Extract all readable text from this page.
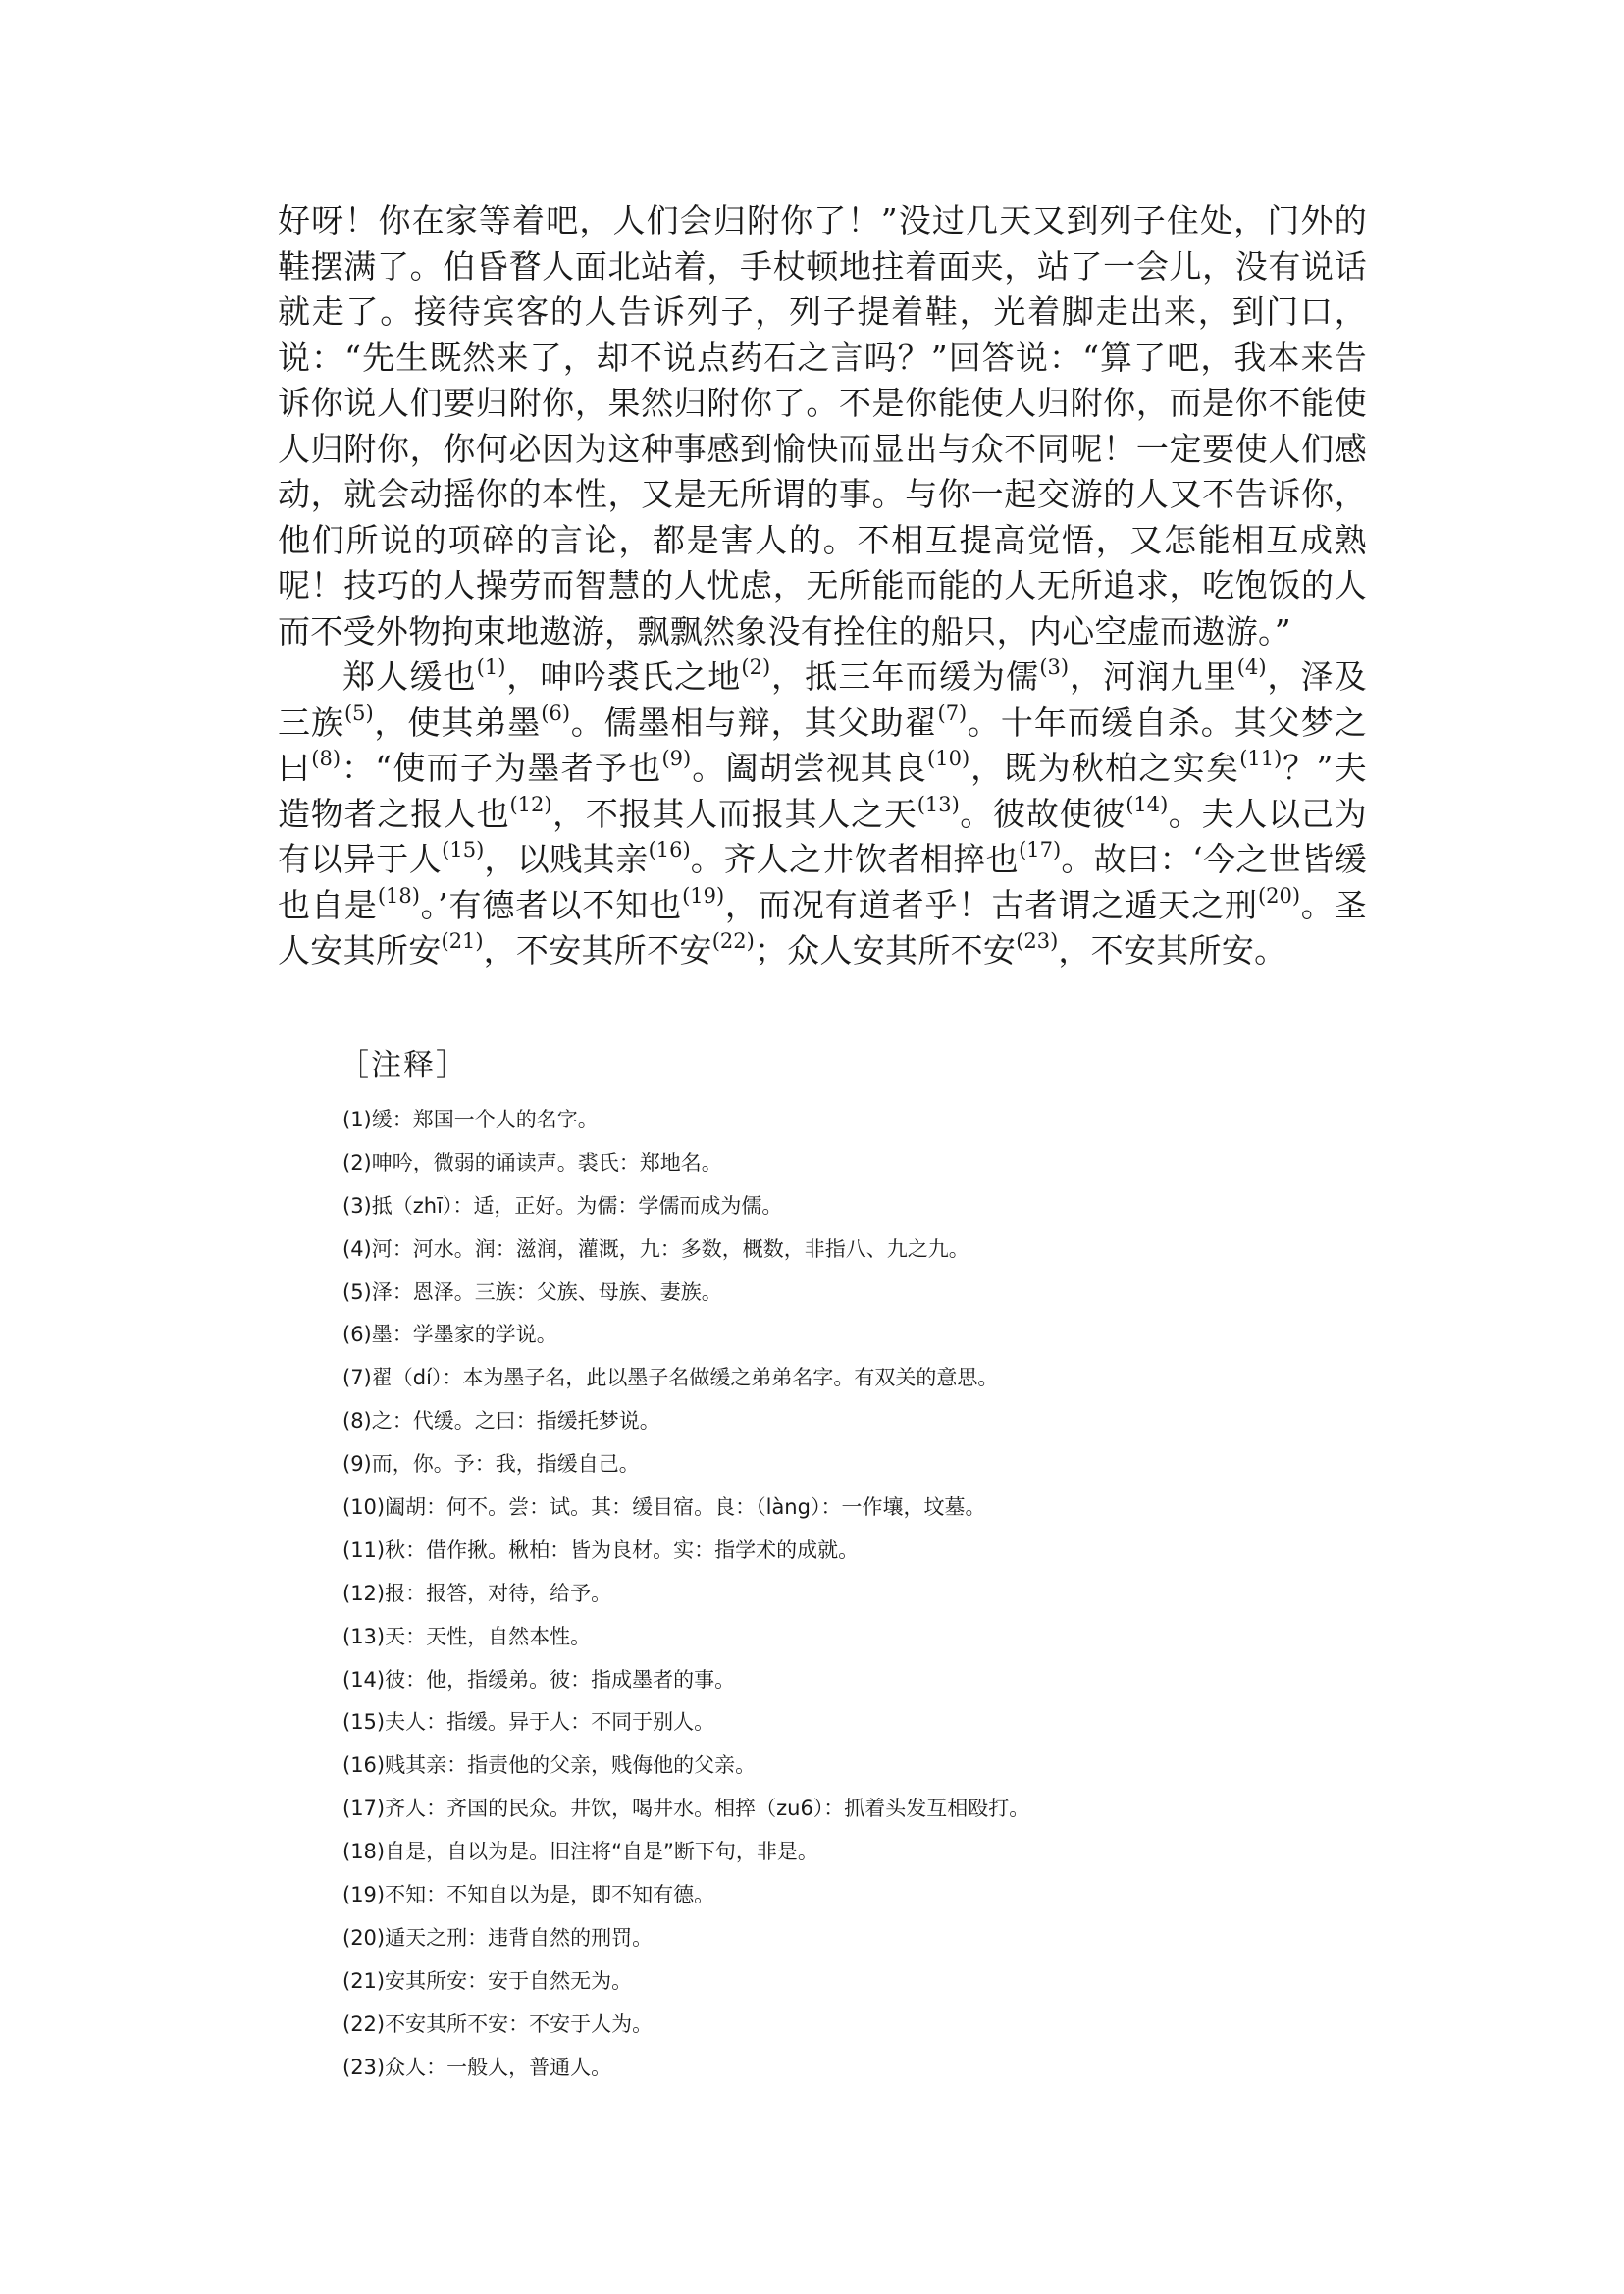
好呀！你在家等着吧，人们会归附你了！”没过几天又到列子住处，门外的鞋摆满了。伯昏瞀人面北站着，手杖顿地拄着面夹，站了一会儿，没有说话就走了。接待宾客的人告诉列子，列子提着鞋，光着脚走出来，到门口，说：“先生既然来了，却不说点药石之言吗？”回答说：“算了吧，我本来告诉你说人们要归附你，果然归附你了。不是你能使人归附你，而是你不能使人归附你，你何必因为这种事感到愉快而显出与众不同呢！一定要使人们感动，就会动摇你的本性，又是无所谓的事。与你一起交游的人又不告诉你，他们所说的项碎的言论，都是害人的。不相互提高觉悟，又怎能相互成熟呢！技巧的人操劳而智慧的人忧虑，无所能而能的人无所追求，吃饱饭的人而不受外物拘束地遨游，飘飘然象没有拴住的船只，内心空虚而遨游。”

郑人缓也$^{(1)}$，呻吟裘氏之地$^{(2)}$，抵三年而缓为儒$^{(3)}$，河润九里$^{(4)}$，泽及三族$^{(5)}$，使其弟墨$^{(6)}$。儒墨相与辩，其父助翟$^{(7)}$。十年而缓自杀。其父梦之曰$^{(8)}$：“使而子为墨者予也$^{(9)}$。阖胡尝视其良$^{(10)}$，既为秋柏之实矣$^{(11)}$？”夫造物者之报人也$^{(12)}$，不报其人而报其人之天$^{(13)}$。彼故使彼$^{(14)}$。夫人以己为有以异于人$^{(15)}$，以贱其亲$^{(16)}$。齐人之井饮者相捽也$^{(17)}$。故曰：‘今之世皆缓也自是$^{(18)}$。’有德者以不知也$^{(19)}$，而况有道者乎！古者谓之遁天之刑$^{(20)}$。圣人安其所安$^{(21)}$，不安其所不安$^{(22)}$；众人安其所不安$^{(23)}$，不安其所安。

［注释］
(1)缓：郑国一个人的名字。
(2)呻吟，微弱的诵读声。裘氏：郑地名。
(3)抵（zhī）：适，正好。为儒：学儒而成为儒。
(4)河：河水。润：滋润，灌溉，九：多数，概数，非指八、九之九。
(5)泽：恩泽。三族：父族、母族、妻族。
(6)墨：学墨家的学说。
(7)翟（dí）：本为墨子名，此以墨子名做缓之弟弟名字。有双关的意思。
(8)之：代缓。之曰：指缓托梦说。
(9)而，你。予：我，指缓自己。
(10)阖胡：何不。尝：试。其：缓目宿。良：（làng）：一作壤，坟墓。
(11)秋：借作揪。楸柏：皆为良材。实：指学术的成就。
(12)报：报答，对待，给予。
(13)天：天性，自然本性。
(14)彼：他，指缓弟。彼：指成墨者的事。
(15)夫人：指缓。异于人：不同于别人。
(16)贱其亲：指责他的父亲，贱侮他的父亲。
(17)齐人：齐国的民众。井饮，喝井水。相捽（zu6）：抓着头发互相殴打。
(18)自是，自以为是。旧注将“自是”断下句，非是。
(19)不知：不知自以为是，即不知有德。
(20)遁天之刑：违背自然的刑罚。
(21)安其所安：安于自然无为。
(22)不安其所不安：不安于人为。
(23)众人：一般人，普通人。
